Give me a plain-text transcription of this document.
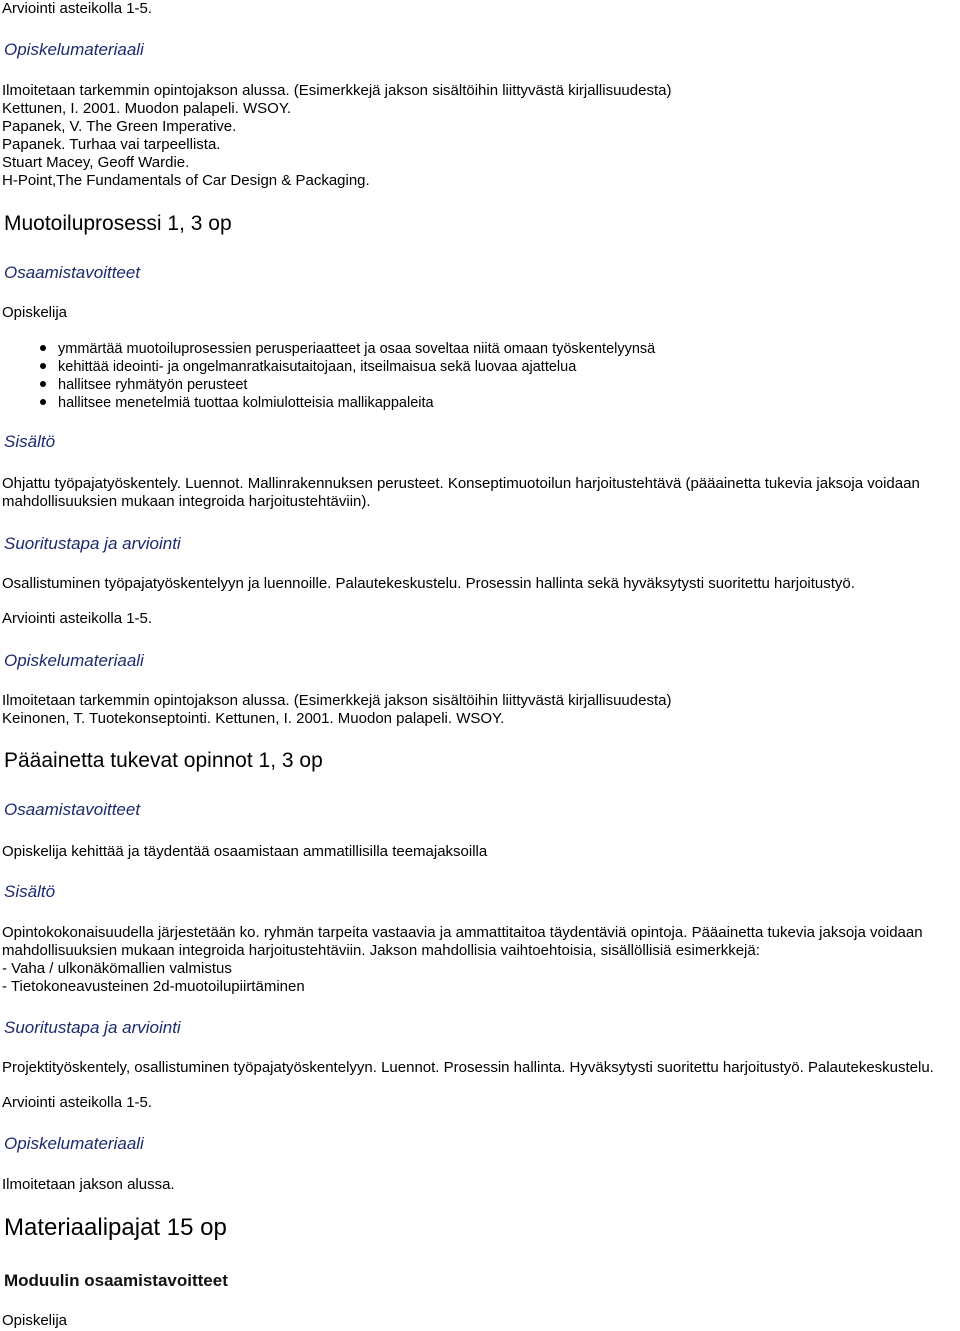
Arviointi asteikolla 1-5.
Opiskelumateriaali
Ilmoitetaan tarkemmin opintojakson alussa. (Esimerkkejä jakson sisältöihin liittyvästä kirjallisuudesta)
Kettunen, I. 2001. Muodon palapeli. WSOY.
Papanek, V. The Green Imperative.
Papanek. Turhaa vai tarpeellista.
Stuart Macey, Geoff Wardie.
H-Point,The Fundamentals of Car Design & Packaging.
Muotoiluprosessi 1, 3 op
Osaamistavoitteet
Opiskelija
ymmärtää muotoiluprosessien perusperiaatteet ja osaa soveltaa niitä omaan työskentelyynsä
kehittää ideointi- ja ongelmanratkaisutaitojaan, itseilmaisua sekä luovaa ajattelua
hallitsee ryhmätyön perusteet
hallitsee menetelmiä tuottaa kolmiulotteisia mallikappaleita
Sisältö
Ohjattu työpajatyöskentely. Luennot. Mallinrakennuksen perusteet. Konseptimuotoilun harjoitustehtävä (pääainetta tukevia jaksoja voidaan
mahdollisuuksien mukaan integroida harjoitustehtäviin).
Suoritustapa ja arviointi
Osallistuminen työpajatyöskentelyyn ja luennoille. Palautekeskustelu. Prosessin hallinta sekä hyväksytysti suoritettu harjoitustyö.
Arviointi asteikolla 1-5.
Opiskelumateriaali
Ilmoitetaan tarkemmin opintojakson alussa. (Esimerkkejä jakson sisältöihin liittyvästä kirjallisuudesta)
Keinonen, T. Tuotekonseptointi. Kettunen, I. 2001. Muodon palapeli. WSOY.
Pääainetta tukevat opinnot 1, 3 op
Osaamistavoitteet
Opiskelija kehittää ja täydentää osaamistaan ammatillisilla teemajaksoilla
Sisältö
Opintokokonaisuudella järjestetään ko. ryhmän tarpeita vastaavia ja ammattitaitoa täydentäviä opintoja. Pääainetta tukevia jaksoja voidaan
mahdollisuuksien mukaan integroida harjoitustehtäviin. Jakson mahdollisia vaihtoehtoisia, sisällöllisiä esimerkkejä:
- Vaha / ulkonäkömallien valmistus
- Tietokoneavusteinen 2d-muotoilupiirtäminen
Suoritustapa ja arviointi
Projektityöskentely, osallistuminen työpajatyöskentelyyn. Luennot. Prosessin hallinta. Hyväksytysti suoritettu harjoitustyö. Palautekeskustelu.
Arviointi asteikolla 1-5.
Opiskelumateriaali
Ilmoitetaan jakson alussa.
Materiaalipajat 15 op
Moduulin osaamistavoitteet
Opiskelija
